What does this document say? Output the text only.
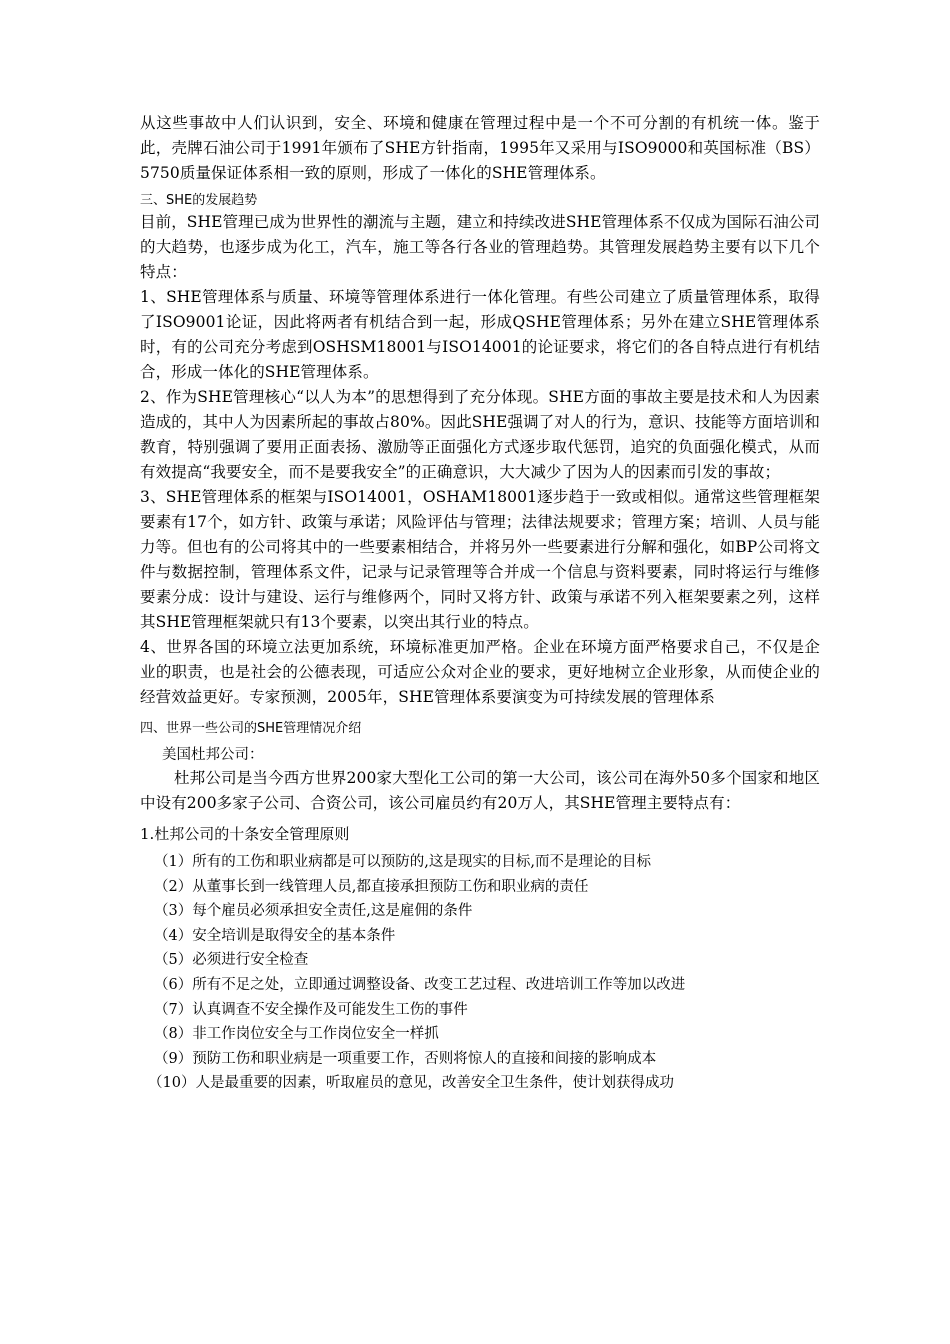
从这些事故中人们认识到，安全、环境和健康在管理过程中是一个不可分割的有机统一体。鉴于此，壳牌石油公司于1991年颁布了SHE方针指南，1995年又采用与ISO9000和英国标准（BS）5750质量保证体系相一致的原则，形成了一体化的SHE管理体系。

三、SHE的发展趋势

目前，SHE管理已成为世界性的潮流与主题，建立和持续改进SHE管理体系不仅成为国际石油公司的大趋势，也逐步成为化工，汽车，施工等各行各业的管理趋势。其管理发展趋势主要有以下几个特点：

1、SHE管理体系与质量、环境等管理体系进行一体化管理。有些公司建立了质量管理体系，取得了ISO9001论证，因此将两者有机结合到一起，形成QSHE管理体系；另外在建立SHE管理体系时，有的公司充分考虑到OSHSM18001与ISO14001的论证要求，将它们的各自特点进行有机结合，形成一体化的SHE管理体系。

2、作为SHE管理核心“以人为本”的思想得到了充分体现。SHE方面的事故主要是技术和人为因素造成的，其中人为因素所起的事故占80%。因此SHE强调了对人的行为，意识、技能等方面培训和教育，特别强调了要用正面表扬、激励等正面强化方式逐步取代惩罚，追究的负面强化模式，从而有效提高“我要安全，而不是要我安全”的正确意识，大大减少了因为人的因素而引发的事故；

3、SHE管理体系的框架与ISO14001，OSHAM18001逐步趋于一致或相似。通常这些管理框架要素有17个，如方针、政策与承诺；风险评估与管理；法律法规要求；管理方案；培训、人员与能力等。但也有的公司将其中的一些要素相结合，并将另外一些要素进行分解和强化，如BP公司将文件与数据控制，管理体系文件，记录与记录管理等合并成一个信息与资料要素，同时将运行与维修要素分成：设计与建设、运行与维修两个，同时又将方针、政策与承诺不列入框架要素之列，这样其SHE管理框架就只有13个要素，以突出其行业的特点。

4、世界各国的环境立法更加系统，环境标准更加严格。企业在环境方面严格要求自己，不仅是企业的职责，也是社会的公德表现，可适应公众对企业的要求，更好地树立企业形象，从而使企业的经营效益更好。专家预测，2005年，SHE管理体系要演变为可持续发展的管理体系

四、世界一些公司的SHE管理情况介绍

美国杜邦公司：

杜邦公司是当今西方世界200家大型化工公司的第一大公司，该公司在海外50多个国家和地区中设有200多家子公司、合资公司，该公司雇员约有20万人，其SHE管理主要特点有：

1.杜邦公司的十条安全管理原则

（1）所有的工伤和职业病都是可以预防的,这是现实的目标,而不是理论的目标
（2）从董事长到一线管理人员,都直接承担预防工伤和职业病的责任
（3）每个雇员必须承担安全责任,这是雇佣的条件
（4）安全培训是取得安全的基本条件
（5）必须进行安全检查
（6）所有不足之处，立即通过调整设备、改变工艺过程、改进培训工作等加以改进
（7）认真调查不安全操作及可能发生工伤的事件
（8）非工作岗位安全与工作岗位安全一样抓
（9）预防工伤和职业病是一项重要工作，否则将惊人的直接和间接的影响成本
（10）人是最重要的因素，听取雇员的意见，改善安全卫生条件，使计划获得成功
